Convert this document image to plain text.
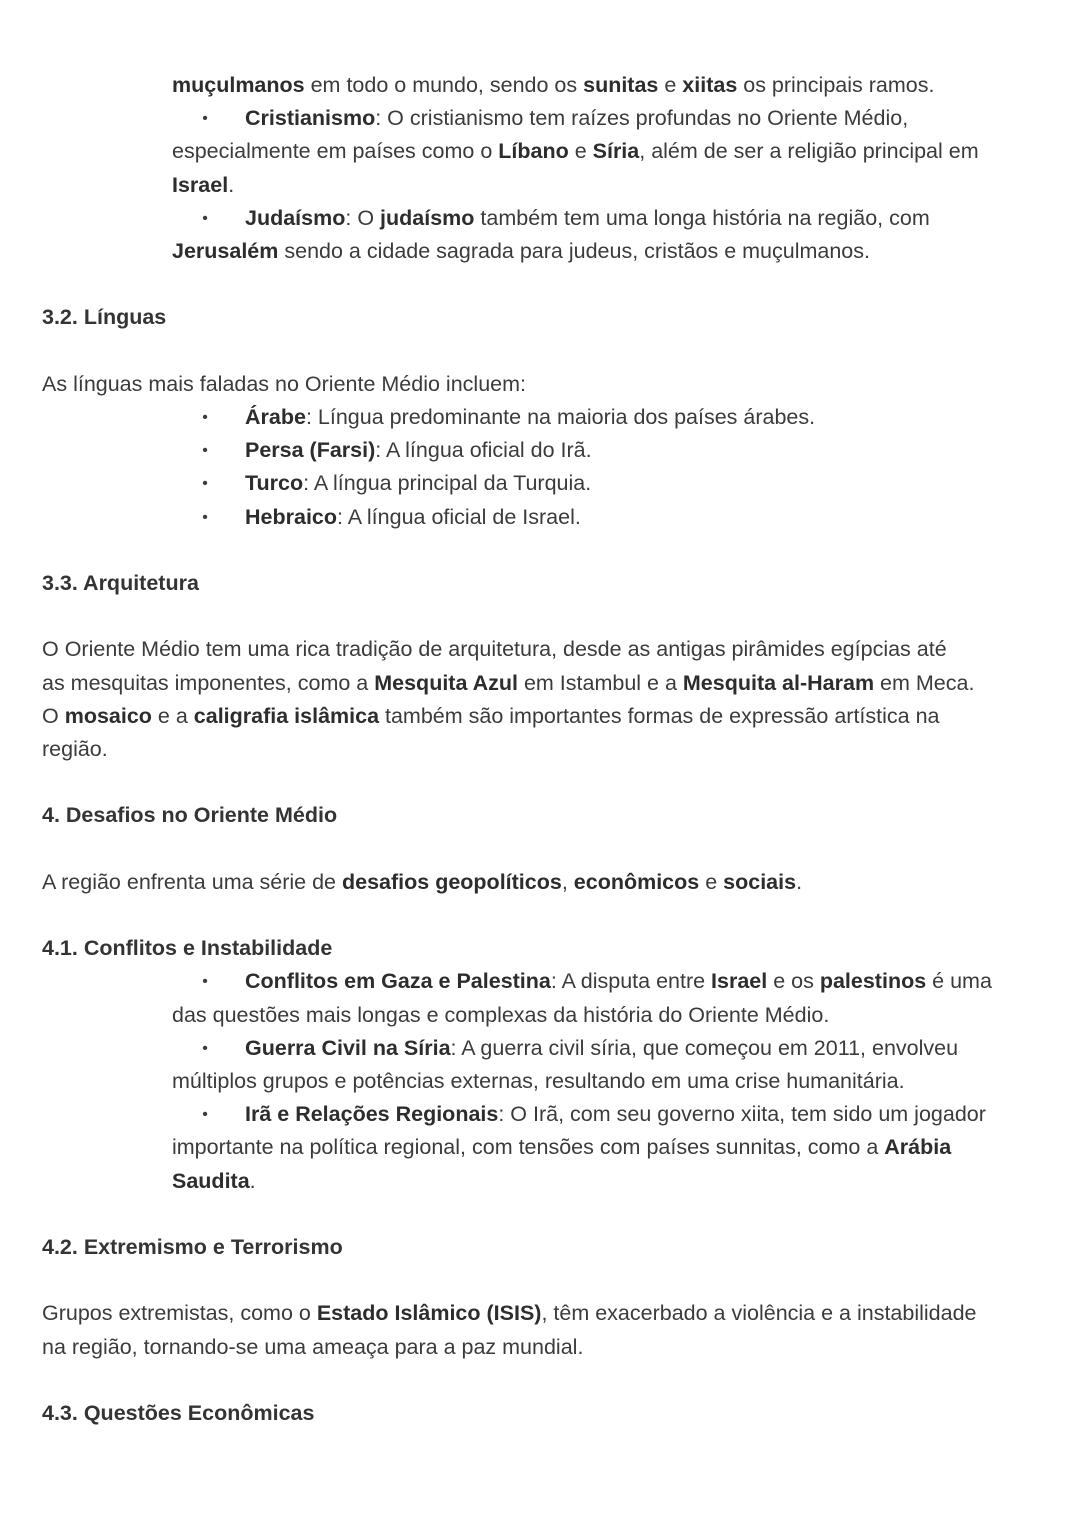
muçulmanos em todo o mundo, sendo os sunitas e xiitas os principais ramos.

•	Cristianismo: O cristianismo tem raízes profundas no Oriente Médio,
especialmente em países como o Líbano e Síria, além de ser a religião principal em
Israel.
•	Judaísmo: O judaísmo também tem uma longa história na região, com
Jerusalém sendo a cidade sagrada para judeus, cristãos e muçulmanos.

3.2. Línguas

As línguas mais faladas no Oriente Médio incluem:

•	Árabe: Língua predominante na maioria dos países árabes.
•	Persa (Farsi): A língua oficial do Irã.
•	Turco: A língua principal da Turquia.
•	Hebraico: A língua oficial de Israel.

3.3. Arquitetura

O Oriente Médio tem uma rica tradição de arquitetura, desde as antigas pirâmides egípcias até

as mesquitas imponentes, como a Mesquita Azul em Istambul e a Mesquita al-Haram em Meca.

O mosaico e a caligrafia islâmica também são importantes formas de expressão artística na

região.

4. Desafios no Oriente Médio

A região enfrenta uma série de desafios geopolíticos, econômicos e sociais.

4.1. Conflitos e Instabilidade

•	Conflitos em Gaza e Palestina: A disputa entre Israel e os palestinos é uma
das questões mais longas e complexas da história do Oriente Médio.
•	Guerra Civil na Síria: A guerra civil síria, que começou em 2011, envolveu
múltiplos grupos e potências externas, resultando em uma crise humanitária.
•	Irã e Relações Regionais: O Irã, com seu governo xiita, tem sido um jogador
importante na política regional, com tensões com países sunnitas, como a Arábia
Saudita.

4.2. Extremismo e Terrorismo

Grupos extremistas, como o Estado Islâmico (ISIS), têm exacerbado a violência e a instabilidade

na região, tornando-se uma ameaça para a paz mundial.

4.3. Questões Econômicas
